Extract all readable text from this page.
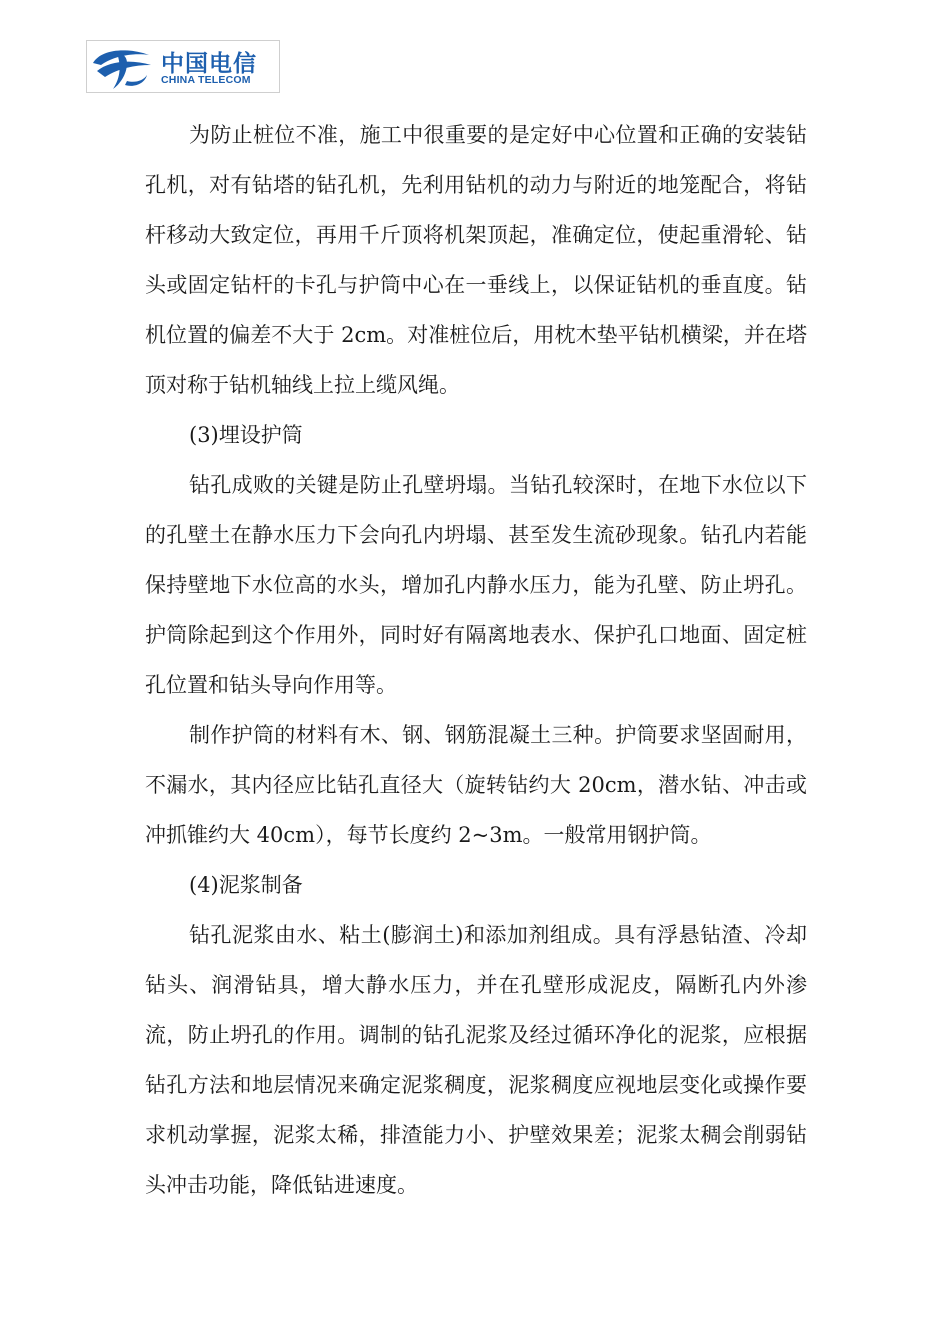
中国电信
CHINA TELECOM

为防止桩位不准，施工中很重要的是定好中心位置和正确的安装钻孔机，对有钻塔的钻孔机，先利用钻机的动力与附近的地笼配合，将钻杆移动大致定位，再用千斤顶将机架顶起，准确定位，使起重滑轮、钻头或固定钻杆的卡孔与护筒中心在一垂线上，以保证钻机的垂直度。钻机位置的偏差不大于 2cm。对准桩位后，用枕木垫平钻机横梁，并在塔顶对称于钻机轴线上拉上缆风绳。

(3)埋设护筒

钻孔成败的关键是防止孔壁坍塌。当钻孔较深时，在地下水位以下的孔壁土在静水压力下会向孔内坍塌、甚至发生流砂现象。钻孔内若能保持壁地下水位高的水头，增加孔内静水压力，能为孔壁、防止坍孔。护筒除起到这个作用外，同时好有隔离地表水、保护孔口地面、固定桩孔位置和钻头导向作用等。

制作护筒的材料有木、钢、钢筋混凝土三种。护筒要求坚固耐用，不漏水，其内径应比钻孔直径大（旋转钻约大 20cm，潜水钻、冲击或冲抓锥约大 40cm），每节长度约 2~3m。一般常用钢护筒。

(4)泥浆制备

钻孔泥浆由水、粘土(膨润土)和添加剂组成。具有浮悬钻渣、冷却钻头、润滑钻具，增大静水压力，并在孔壁形成泥皮，隔断孔内外渗流，防止坍孔的作用。调制的钻孔泥浆及经过循环净化的泥浆，应根据钻孔方法和地层情况来确定泥浆稠度，泥浆稠度应视地层变化或操作要求机动掌握，泥浆太稀，排渣能力小、护壁效果差；泥浆太稠会削弱钻头冲击功能，降低钻进速度。
